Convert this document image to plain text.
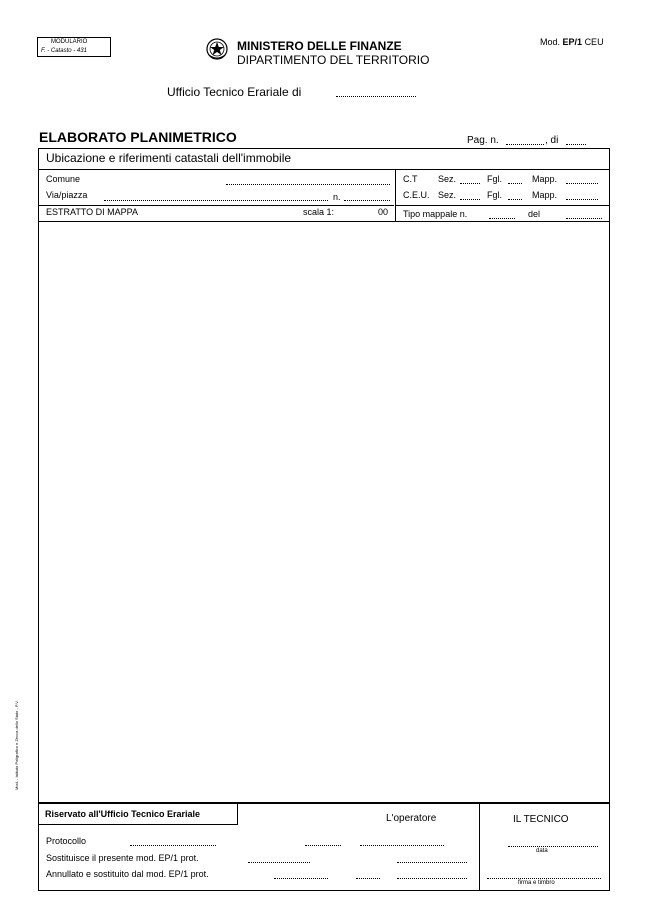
MODULARIO
F. - Catasto - 431	MINISTERO DELLE FINANZE
DIPARTIMENTO DEL TERRITORIO
Mod. EP/1 CEU
Ufficio Tecnico Erariale di
ELABORATO PLANIMETRICO	Pag. n.	, di
Ubicazione e riferimenti catastali dell'immobile
Comune
Via/piazza	n.
ESTRATTO DI MAPPA	scala 1:	00
C.T Sez.	Fgl.	Mapp.
C.E.U. Sez.	Fgl.	Mapp.
Tipo mappale n.	del
Mod. - Istituto Poligrafico e Zecca dello Stato - P.V.
Riservato all'Ufficio Tecnico Erariale	L'operatore
Protocollo
Sostituisce il presente mod. EP/1 prot.
Annullato e sostituito dal mod. EP/1 prot.
IL TECNICO
data
firma e timbro
